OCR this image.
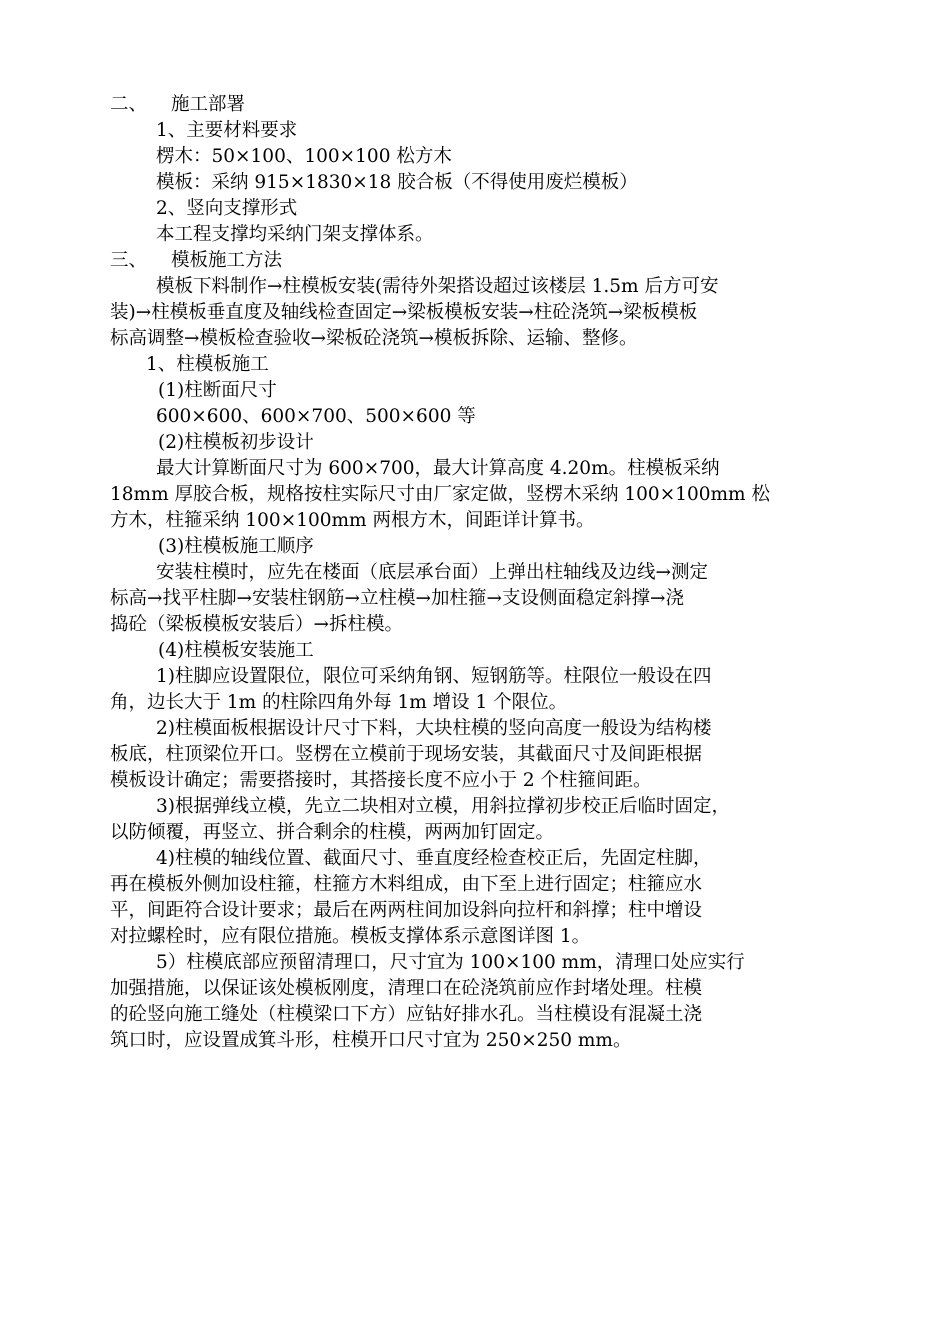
二、 施工部署
1、主要材料要求
楞木：50×100、100×100 松方木
模板：采纳 915×1830×18 胶合板（不得使用废烂模板）
2、竖向支撑形式
本工程支撑均采纳门架支撑体系。
三、 模板施工方法
模板下料制作→柱模板安装(需待外架搭设超过该楼层 1.5m 后方可安
装)→柱模板垂直度及轴线检查固定→梁板模板安装→柱砼浇筑→梁板模板
标高调整→模板检查验收→梁板砼浇筑→模板拆除、运输、整修。
1、柱模板施工
(1)柱断面尺寸
600×600、600×700、500×600 等
(2)柱模板初步设计
最大计算断面尺寸为 600×700，最大计算高度 4.20m。柱模板采纳
18mm 厚胶合板，规格按柱实际尺寸由厂家定做，竖楞木采纳 100×100mm 松
方木，柱箍采纳 100×100mm 两根方木，间距详计算书。
(3)柱模板施工顺序
安装柱模时，应先在楼面（底层承台面）上弹出柱轴线及边线→测定
标高→找平柱脚→安装柱钢筋→立柱模→加柱箍→支设侧面稳定斜撑→浇
捣砼（梁板模板安装后）→拆柱模。
(4)柱模板安装施工
1)柱脚应设置限位，限位可采纳角钢、短钢筋等。柱限位一般设在四
角，边长大于 1m 的柱除四角外每 1m 增设 1 个限位。
2)柱模面板根据设计尺寸下料，大块柱模的竖向高度一般设为结构楼
板底，柱顶梁位开口。竖楞在立模前于现场安装，其截面尺寸及间距根据
模板设计确定；需要搭接时，其搭接长度不应小于 2 个柱箍间距。
3)根据弹线立模，先立二块相对立模，用斜拉撑初步校正后临时固定，
以防倾覆，再竖立、拼合剩余的柱模，两两加钉固定。
4)柱模的轴线位置、截面尺寸、垂直度经检查校正后，先固定柱脚，
再在模板外侧加设柱箍，柱箍方木料组成，由下至上进行固定；柱箍应水
平，间距符合设计要求；最后在两两柱间加设斜向拉杆和斜撑；柱中增设
对拉螺栓时，应有限位措施。模板支撑体系示意图详图 1。
5）柱模底部应预留清理口，尺寸宜为 100×100 mm，清理口处应实行
加强措施，以保证该处模板刚度，清理口在砼浇筑前应作封堵处理。柱模
的砼竖向施工缝处（柱模梁口下方）应钻好排水孔。当柱模设有混凝土浇
筑口时，应设置成箕斗形，柱模开口尺寸宜为 250×250 mm。
